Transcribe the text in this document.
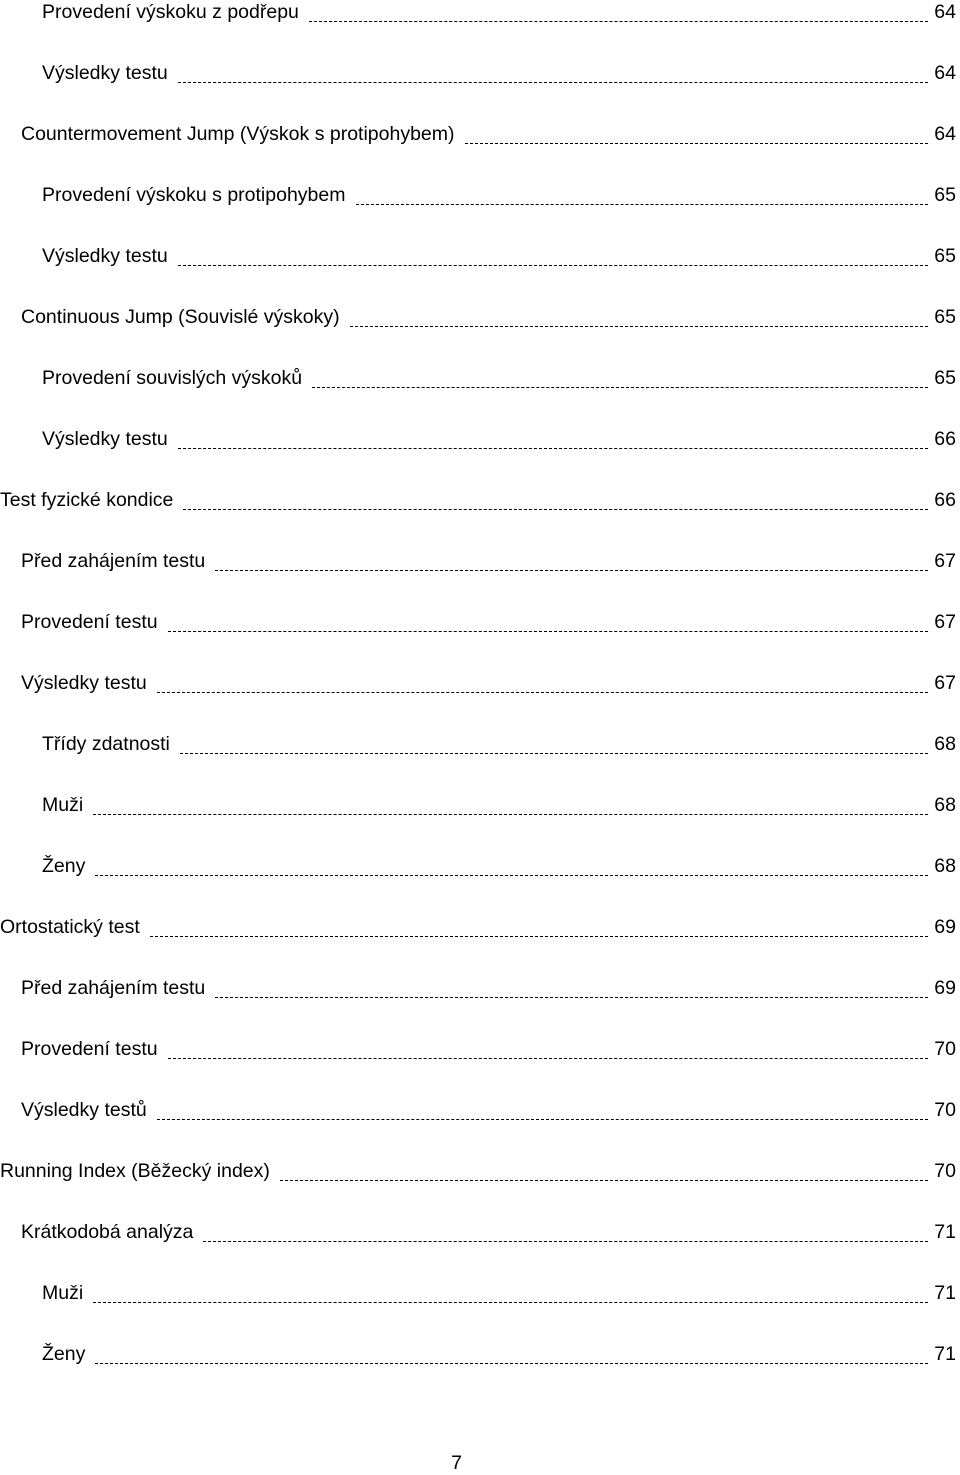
Provedení výskoku z podřepu	64
Výsledky testu	64
Countermovement Jump (Výskok s protipohybem)	64
Provedení výskoku s protipohybem	65
Výsledky testu	65
Continuous Jump (Souvislé výskoky)	65
Provedení souvislých výskoků	65
Výsledky testu	66
Test fyzické kondice	66
Před zahájením testu	67
Provedení testu	67
Výsledky testu	67
Třídy zdatnosti	68
Muži	68
Ženy	68
Ortostatický test	69
Před zahájením testu	69
Provedení testu	70
Výsledky testů	70
Running Index (Běžecký index)	70
Krátkodobá analýza	71
Muži	71
Ženy	71
7
